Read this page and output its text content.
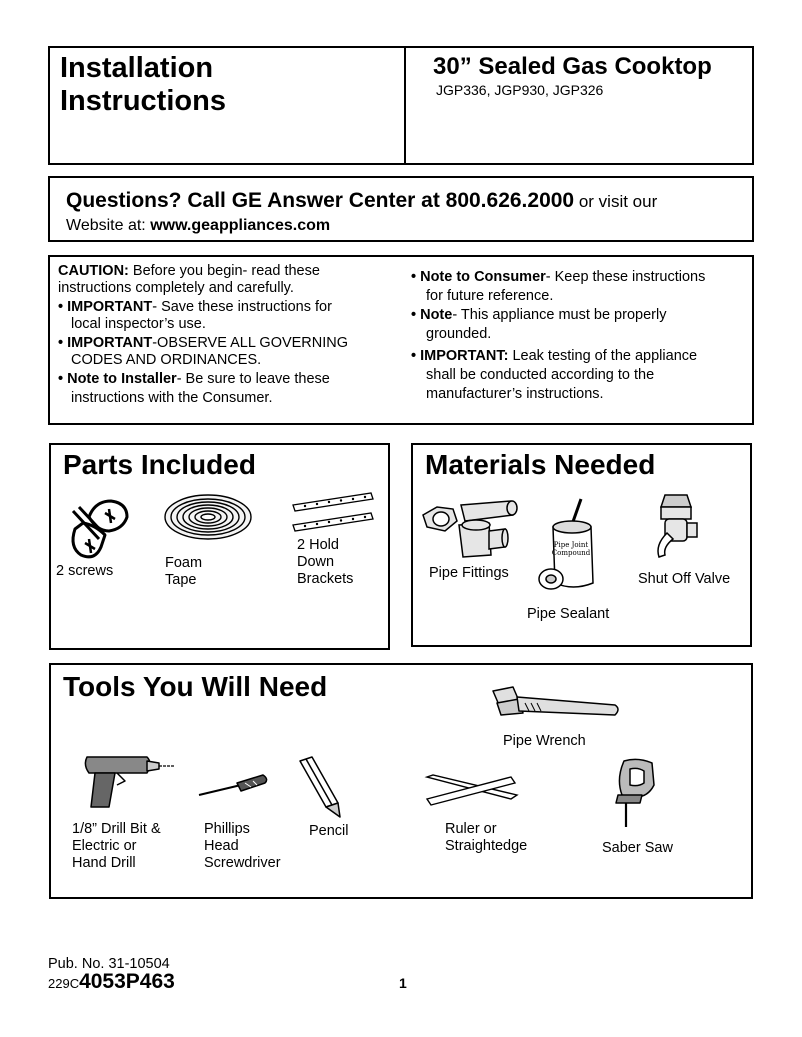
Installation
Instructions
30” Sealed Gas Cooktop
JGP336, JGP930, JGP326
Questions? Call GE Answer Center at 800.626.2000 or visit our
Website at: www.geappliances.com
CAUTION: Before you begin- read these
instructions completely and carefully.
• IMPORTANT- Save these instructions for
local inspector’s use.
• IMPORTANT-OBSERVE ALL GOVERNING
CODES AND ORDINANCES.
• Note to Installer- Be sure to leave these
instructions with the Consumer.
• Note to Consumer- Keep these instructions
for future reference.
• Note- This appliance must be properly
grounded.
• IMPORTANT: Leak testing of the appliance
shall be conducted according to the
manufacturer’s instructions.
Parts Included
2 screws	Foam
Tape
2 Hold
Down
Brackets
Materials Needed
Pipe Fittings
Pipe Joint
Compound
Pipe Sealant
Shut Off Valve
Tools You Will Need
Pipe Wrench
1/8” Drill Bit &
Electric or
Hand Drill
Phillips
Head
Screwdriver
Pencil	Ruler or
Straightedge	Saber Saw
Pub. No. 31-10504
229C4053P463	1
